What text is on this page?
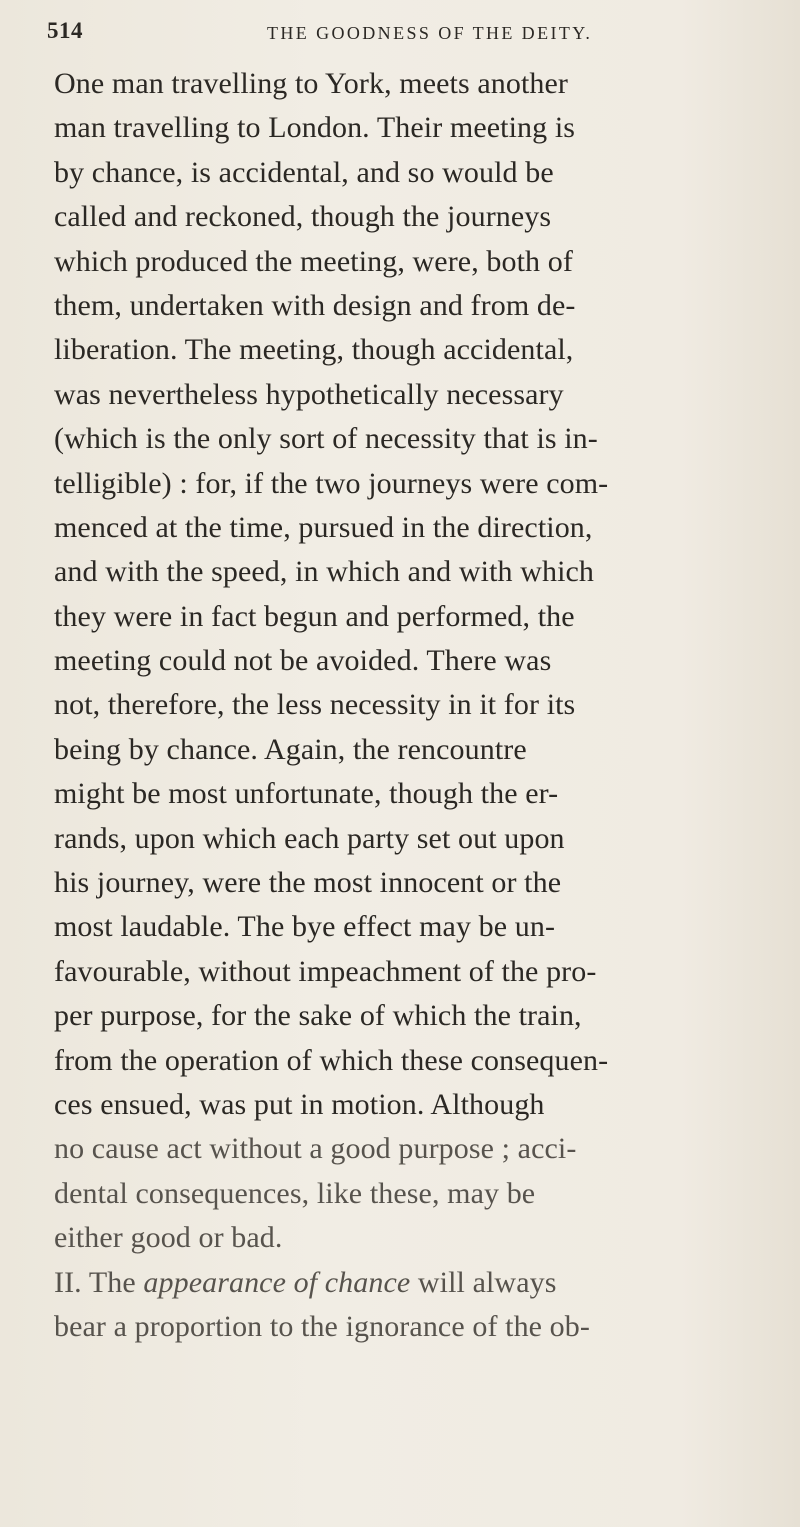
514	THE GOODNESS OF THE DEITY.
One man travelling to York, meets another
man travelling to London. Their meeting is
by chance, is accidental, and so would be
called and reckoned, though the journeys
which produced the meeting, were, both of
them, undertaken with design and from de-
liberation. The meeting, though accidental,
was nevertheless hypothetically necessary
(which is the only sort of necessity that is in-
telligible) : for, if the two journeys were com-
menced at the time, pursued in the direction,
and with the speed, in which and with which
they were in fact begun and performed, the
meeting could not be avoided. There was
not, therefore, the less necessity in it for its
being by chance. Again, the rencountre
might be most unfortunate, though the er-
rands, upon which each party set out upon
his journey, were the most innocent or the
most laudable. The bye effect may be un-
favourable, without impeachment of the pro-
per purpose, for the sake of which the train,
from the operation of which these consequen-
ces ensued, was put in motion. Although
no cause act without a good purpose ; acci-
dental consequences, like these, may be
either good or bad.
II. The appearance of chance will always
bear a proportion to the ignorance of the ob-
